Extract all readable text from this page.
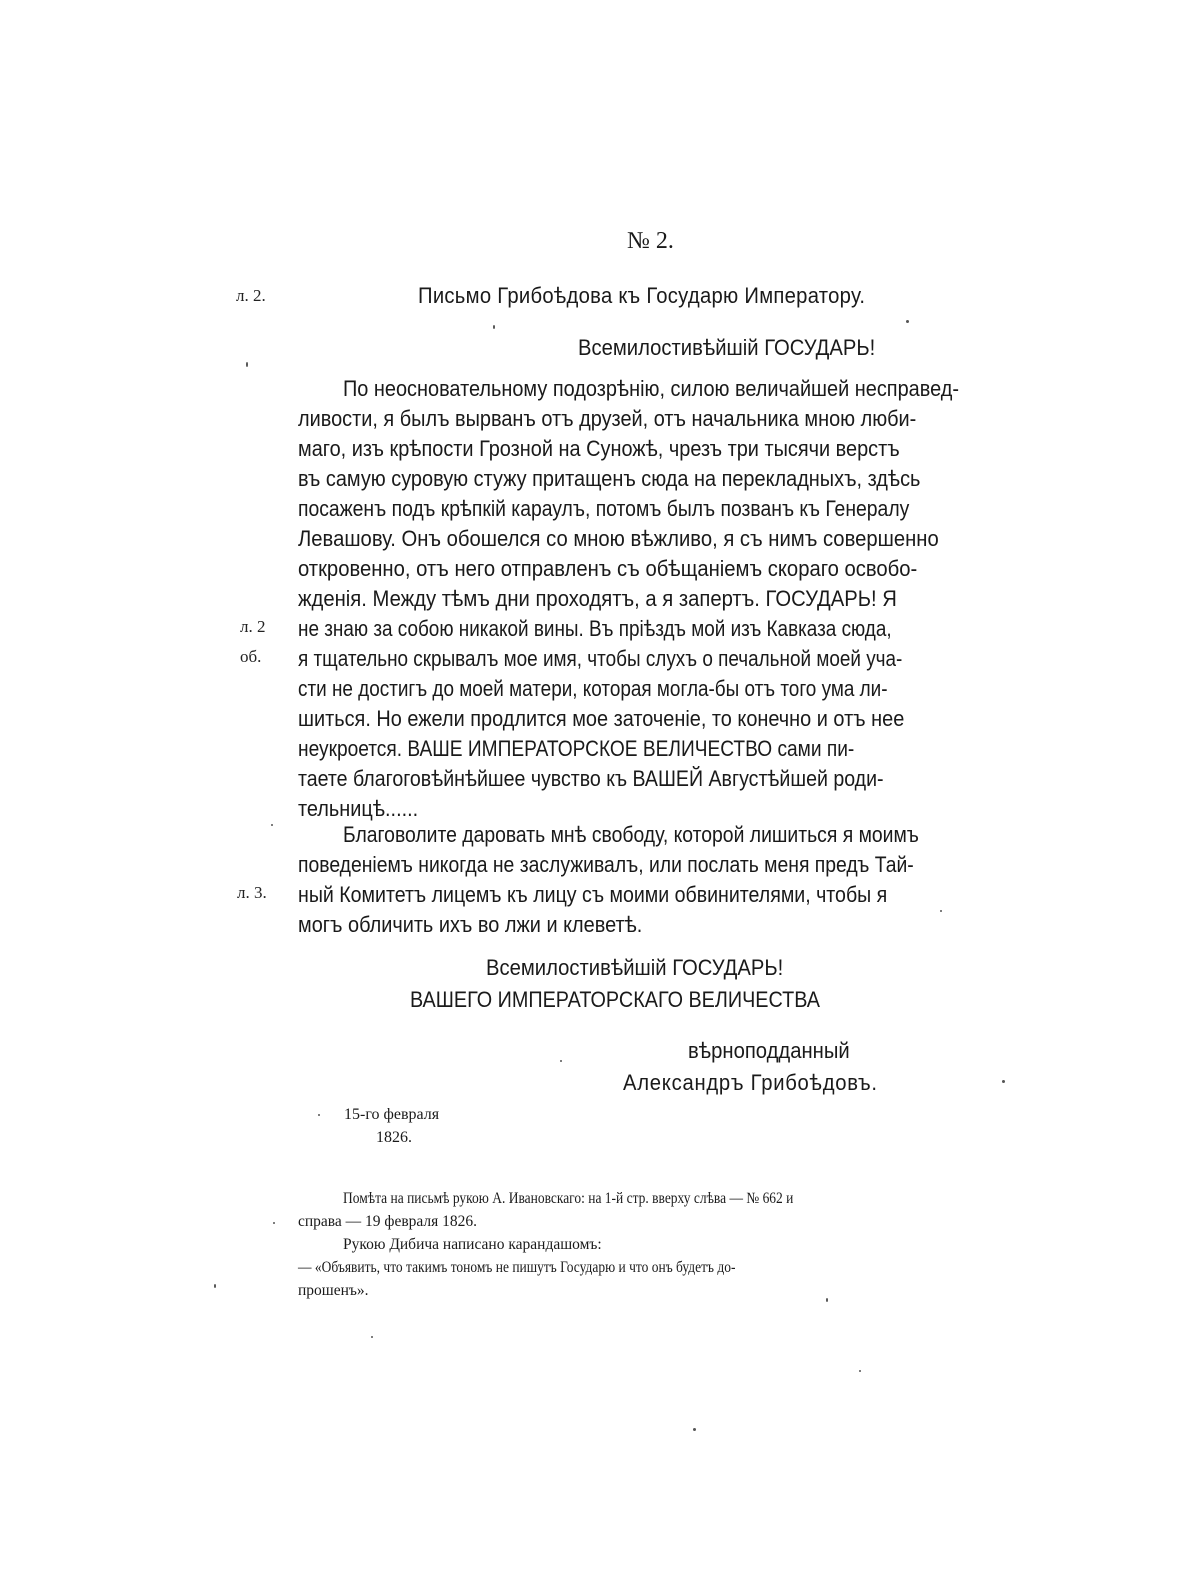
№ 2.
л. 2.	Письмо Грибоѣдова къ Государю Императору.
Всемилостивѣйшій ГОСУДАРЬ!
По неосновательному подозрѣнію, силою величайшей несправед-
ливости, я былъ вырванъ отъ друзей, отъ начальника мною люби-
маго, изъ крѣпости Грозной на Суножѣ, чрезъ три тысячи верстъ
въ самую суровую стужу притащенъ сюда на перекладныхъ, здѣсь
посаженъ подъ крѣпкій караулъ, потомъ былъ позванъ къ Генералу
Левашову. Онъ обошелся со мною вѣжливо, я съ нимъ совершенно
откровенно, отъ него отправленъ съ обѣщаніемъ скораго освобо-
жденія. Между тѣмъ дни проходятъ, а я запертъ. ГОСУДАРЬ! Я
л. 2 не знаю за собою никакой вины. Въ пріѣздъ мой изъ Кавказа сюда,
об. я тщательно скрывалъ мое имя, чтобы слухъ о печальной моей уча-
сти не достигъ до моей матери, которая могла-бы отъ того ума ли-
шиться. Но ежели продлится мое заточеніе, то конечно и отъ нее
неукроется. ВАШЕ ИМПЕРАТОРСКОЕ ВЕЛИЧЕСТВО сами пи-
таете благоговѣйнѣйшее чувство къ ВАШЕЙ Августѣйшей роди-
тельницѣ......
Благоволите даровать мнѣ свободу, которой лишиться я моимъ
поведеніемъ никогда не заслуживалъ, или послать меня предъ Тай-
л. 3. ный Комитетъ лицемъ къ лицу съ моими обвинителями, чтобы я
могъ обличить ихъ во лжи и клеветѣ.
Всемилостивѣйшій ГОСУДАРЬ!
ВАШЕГО ИМПЕРАТОРСКАГО ВЕЛИЧЕСТВА
вѣрноподданный
Александръ Грибоѣдовъ.
15-го февраля
1826.
Помѣта на письмѣ рукою А. Ивановскаго: на 1-й стр. вверху слѣва — № 662 и
справа — 19 февраля 1826.
Рукою Дибича написано карандашомъ:
— «Объявить, что такимъ тономъ не пишутъ Государю и что онъ будетъ до-
прошенъ».
